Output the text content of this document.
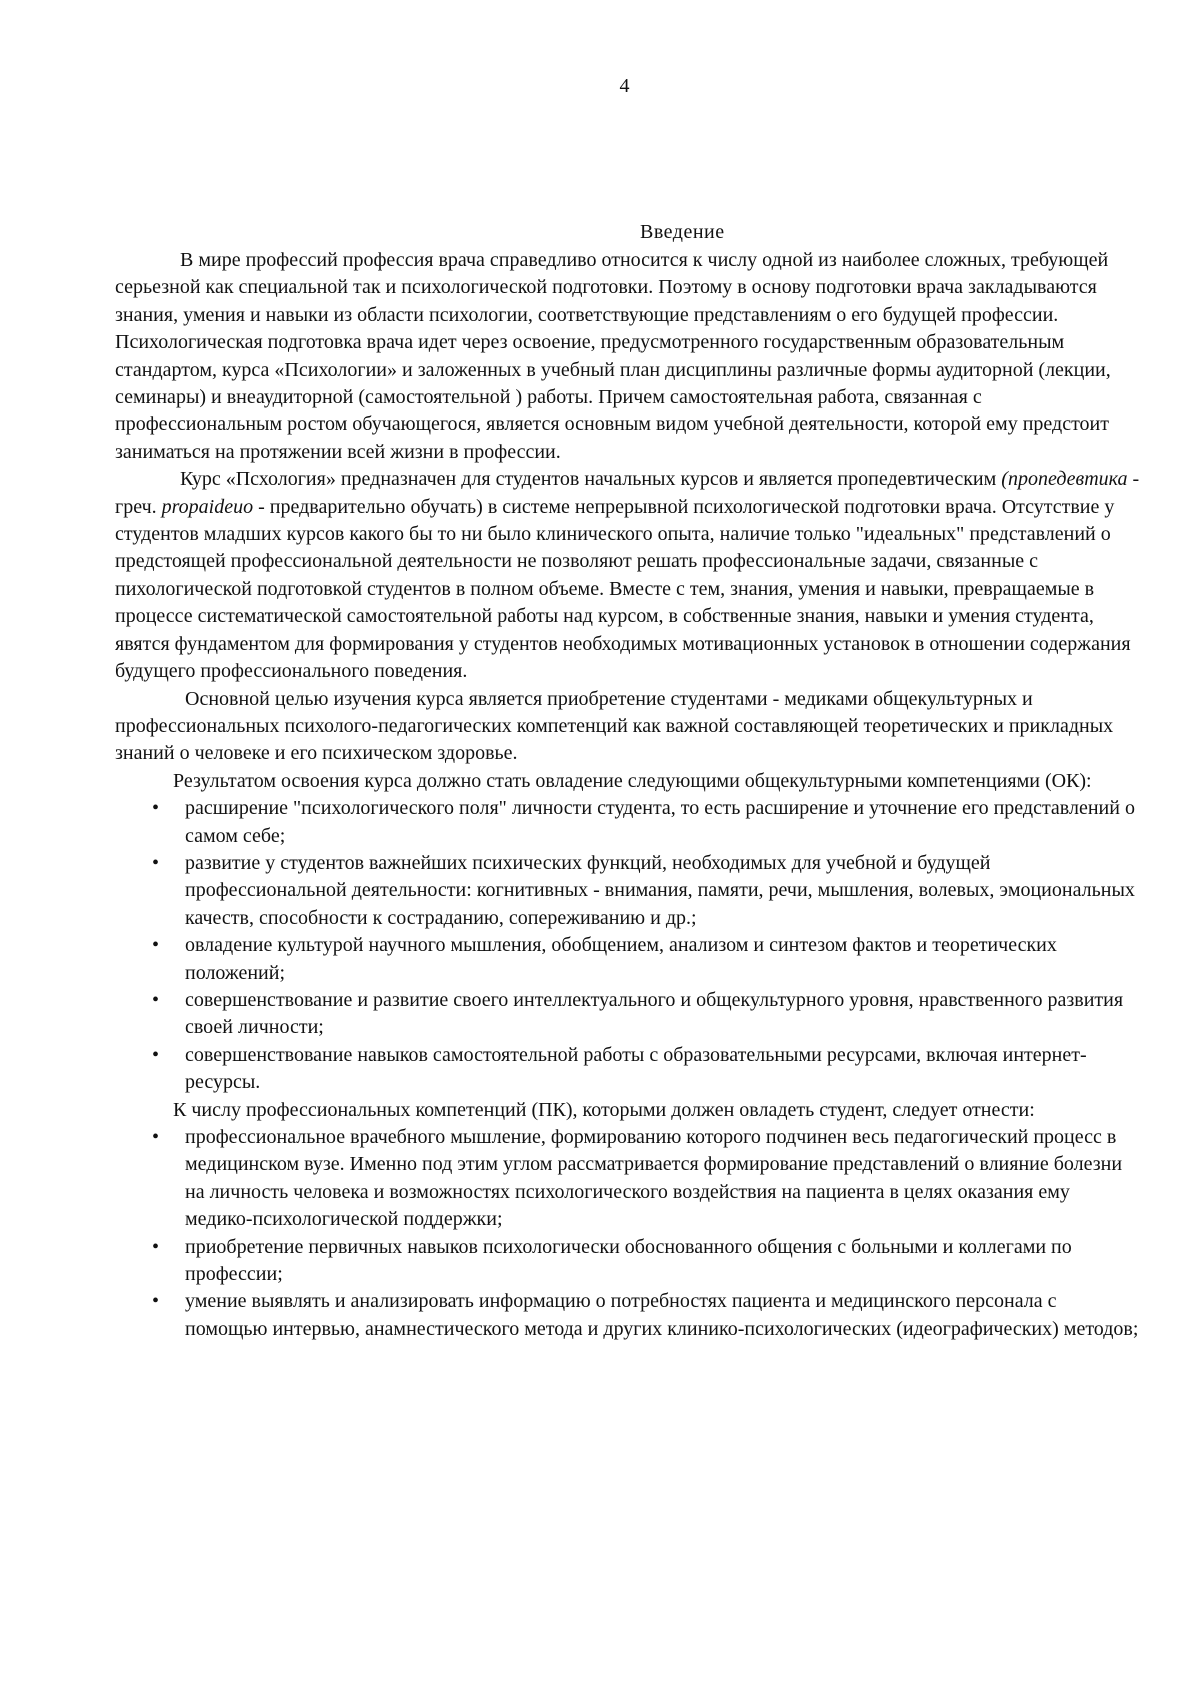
4
Введение

В мире профессий профессия врача справедливо относится к числу одной из наиболее сложных, требующей серьезной как специальной так и психологической подготовки. Поэтому в основу подготовки врача закладываются знания, умения и навыки из области психологии, соответствующие представлениям о его будущей профессии. Психологическая подготовка врача идет через освоение, предусмотренного государственным образовательным стандартом, курса «Психологии» и заложенных в учебный план дисциплины различные формы аудиторной (лекции, семинары) и внеаудиторной (самостоятельной ) работы. Причем самостоятельная работа, связанная с профессиональным ростом обучающегося, является основным видом учебной деятельности, которой ему предстоит заниматься на протяжении всей жизни в профессии.

Курс «Псхология» предназначен для студентов начальных курсов и является пропедевтическим (пропедевтика - греч. propaideuo - предварительно обучать) в системе непрерывной психологической подготовки врача. Отсутствие у студентов младших курсов какого бы то ни было клинического опыта, наличие только "идеальных" представлений о предстоящей профессиональной деятельности не позволяют решать профессиональные задачи, связанные с пихологической подготовкой студентов в полном объеме. Вместе с тем, знания, умения и навыки, превращаемые в процессе систематической самостоятельной работы над курсом, в собственные знания, навыки и умения студента, явятся фундаментом для формирования у студентов необходимых мотивационных установок в отношении содержания будущего профессионального поведения.

Основной целью изучения курса является приобретение студентами - медиками общекультурных и профессиональных психолого-педагогических компетенций как важной составляющей теоретических и прикладных знаний о человеке и его психическом здоровье.

Результатом освоения курса должно стать овладение следующими общекультурными компетенциями (ОК):

• расширение "психологического поля" личности студента, то есть расширение и уточнение его представлений о самом себе;
• развитие у студентов важнейших психических функций, необходимых для учебной и будущей профессиональной деятельности: когнитивных - внимания, памяти, речи, мышления, волевых, эмоциональных качеств, способности к состраданию, сопереживанию и др.;
• овладение культурой научного мышления, обобщением, анализом и синтезом фактов и теоретических положений;
• совершенствование и развитие своего интеллектуального и общекультурного уровня, нравственного развития своей личности;
• совершенствование навыков самостоятельной работы с образовательными ресурсами, включая интернет-ресурсы.

К числу профессиональных компетенций (ПК), которыми должен овладеть студент, следует отнести:

• профессиональное врачебного мышление, формированию которого подчинен весь педагогический процесс в медицинском вузе. Именно под этим углом рассматривается формирование представлений о влияние болезни на личность человека и возможностях психологического воздействия на пациента в целях оказания ему медико-психологической поддержки;
• приобретение первичных навыков психологически обоснованного общения с больными и коллегами по профессии;
• умение выявлять и анализировать информацию о потребностях пациента и медицинского персонала с помощью интервью, анамнестического метода и других клинико-психологических (идеографических) методов;
